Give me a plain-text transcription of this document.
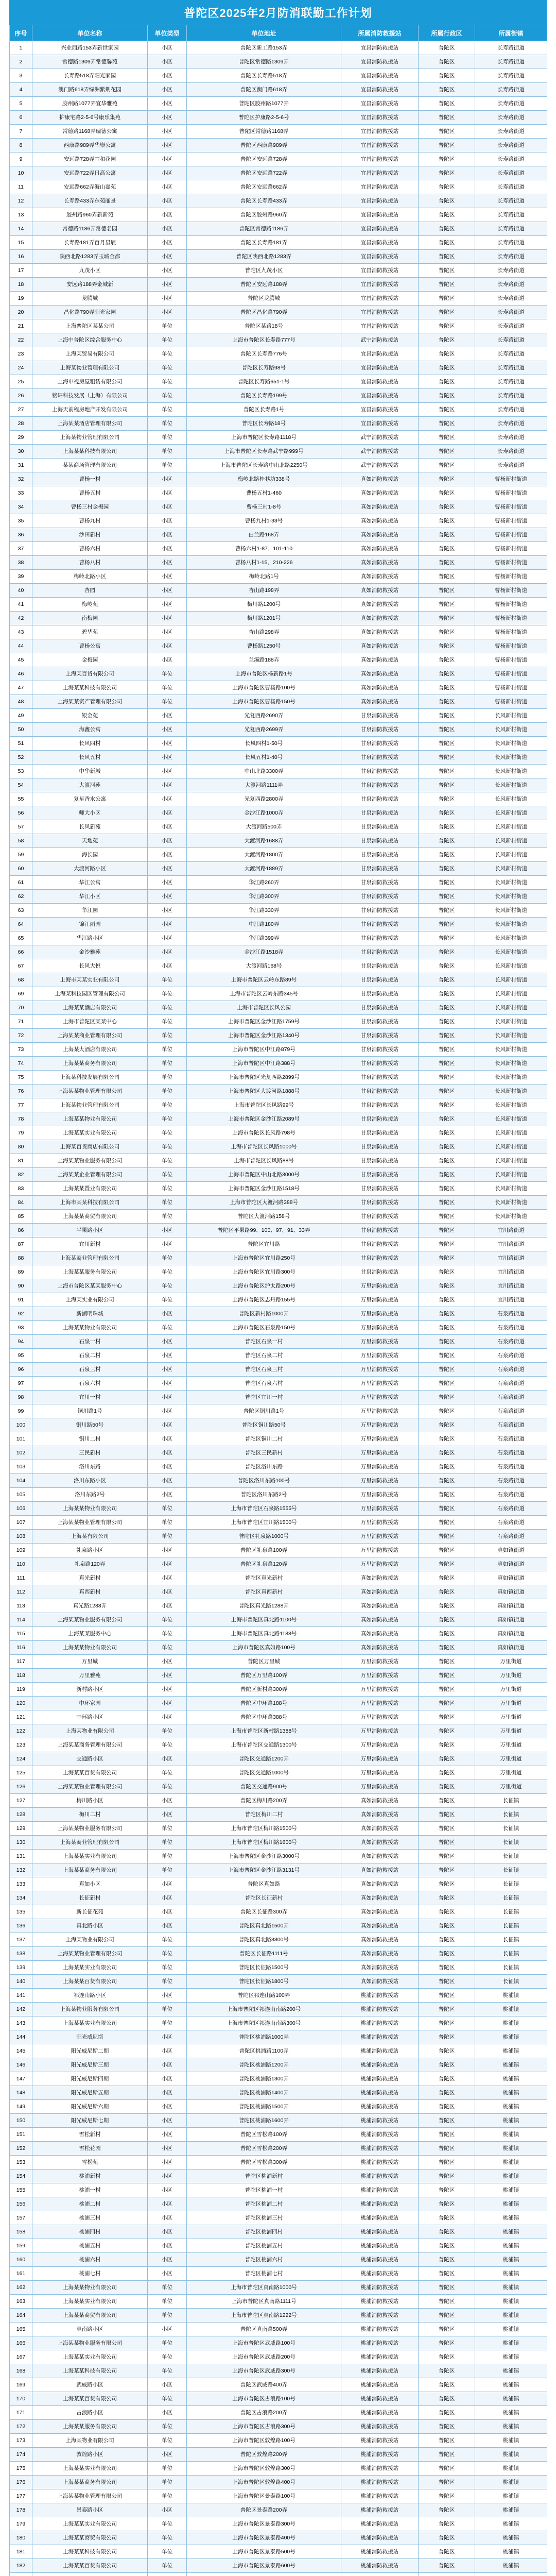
普陀区2025年2月防消联勤工作计划
序号	单位名称	单位类型	单位地址	所属消防救援站	所属行政区	所属街镇
1	兴业西路153弄新世家园	小区	普陀区新工路153弄	宜昌消防救援站	普陀区	长寿路街道
2	常德路1309弄常德馨苑	小区	普陀区常德路1309弄	宜昌消防救援站	普陀区	长寿路街道
3	长寿路518弄阳光家园	小区	普陀区长寿路518弄	宜昌消防救援站	普陀区	长寿路街道
4	澳门路618弄绿洲紫荆花园	小区	普陀区澳门路618弄	宜昌消防救援站	普陀区	长寿路街道
5	胶州路1077弄宜华雅苑	小区	普陀区胶州路1077弄	宜昌消防救援站	普陀区	长寿路街道
6	护康宅路2-5-6号康乐集苑	小区	普陀区护康路2-5-6号	宜昌消防救援站	普陀区	长寿路街道
7	常德路1168弄瑞德公寓	小区	普陀区常德路1168弄	宜昌消防救援站	普陀区	长寿路街道
8	西康路989弄华崇公寓	小区	普陀区西康路989弄	宜昌消防救援站	普陀区	长寿路街道
9	安远路728弄宜和花园	小区	普陀区安远路728弄	宜昌消防救援站	普陀区	长寿路街道
10	安远路722弄日高公寓	小区	普陀区安远路722弄	宜昌消防救援站	普陀区	长寿路街道
11	安远路662弄海山嘉苑	小区	普陀区安远路662弄	宜昌消防救援站	普陀区	长寿路街道
12	长寿路433弄东苑丽景	小区	普陀区长寿路433弄	宜昌消防救援站	普陀区	长寿路街道
13	胶州路960弄新新苑	小区	普陀区胶州路960弄	宜昌消防救援站	普陀区	长寿路街道
14	常德路1186弄常德名园	小区	普陀区常德路1186弄	宜昌消防救援站	普陀区	长寿路街道
15	长寿路181弄百月星辰	小区	普陀区长寿路181弄	宜昌消防救援站	普陀区	长寿路街道
16	陕西北路1283弄玉城金都	小区	普陀区陕西北路1283弄	宜昌消防救援站	普陀区	长寿路街道
17	九茂小区	小区	普陀区九茂小区	宜昌消防救援站	普陀区	长寿路街道
18	安远路188弄金城新	小区	普陀区安远路188弄	宜昌消防救援站	普陀区	长寿路街道
19	龙腾城	小区	普陀区龙腾城	宜昌消防救援站	普陀区	长寿路街道
20	昌化路790弄阳光家园	小区	普陀区昌化路790弄	宜昌消防救援站	普陀区	长寿路街道
21	上海普陀区某某公司	单位	普陀区某路18号	宜昌消防救援站	普陀区	长寿路街道
22	上海中普陀区综合服务中心	单位	上海市普陀区长寿路777号	武宁消防救援站	普陀区	长寿路街道
23	上海某贸易有限公司	单位	普陀区长寿路776号	宜昌消防救援站	普陀区	长寿路街道
24	上海某物业管理有限公司	单位	普陀区长寿路98号	宜昌消防救援站	普陀区	长寿路街道
25	上海申视房屋租赁有限公司	单位	普陀区长寿路651-1号	宜昌消防救援站	普陀区	长寿路街道
26	铭轩科技发展（上海）有限公司	单位	普陀区长寿路199号	宜昌消防救援站	普陀区	长寿路街道
27	上海天前程房地产开发有限公司	单位	普陀区长寿路1号	宜昌消防救援站	普陀区	长寿路街道
28	上海某某酒店管理有限公司	单位	普陀区长寿路18号	宜昌消防救援站	普陀区	长寿路街道
29	上海某物业管理有限公司	单位	上海市普陀区长寿路1118号	武宁消防救援站	普陀区	长寿路街道
30	上海某某科技有限公司	单位	上海市普陀区长寿路武宁路999号	武宁消防救援站	普陀区	长寿路街道
31	某某商场管理有限公司	单位	上海市普陀区长寿路中山北路2250号	武宁消防救援站	普陀区	长寿路街道
32	曹杨一村	小区	梅岭北路桂巷坊338号	真如消防救援站	普陀区	曹杨新村街道
33	曹杨五村	小区	曹杨五村1-460	真如消防救援站	普陀区	曹杨新村街道
34	曹杨三村金梅园	小区	曹杨三村1-8号	真如消防救援站	普陀区	曹杨新村街道
35	曹杨九村	小区	曹杨九村1-33号	真如消防救援站	普陀区	曹杨新村街道
36	沙田新村	小区	白兰路168弄	真如消防救援站	普陀区	曹杨新村街道
37	曹杨六村	小区	曹杨六村1-87、101-110	真如消防救援站	普陀区	曹杨新村街道
38	曹杨八村	小区	曹杨八村1-15、210-226	真如消防救援站	普陀区	曹杨新村街道
39	梅岭北路小区	小区	梅岭北路1号	真如消防救援站	普陀区	曹杨新村街道
40	杏园	小区	杏山路198弄	真如消防救援站	普陀区	曹杨新村街道
41	梅岭苑	小区	梅川路1200号	真如消防救援站	普陀区	曹杨新村街道
42	南梅园	小区	梅川路1201号	真如消防救援站	普陀区	曹杨新村街道
43	碧华苑	小区	杏山路298弄	真如消防救援站	普陀区	曹杨新村街道
44	曹杨公寓	小区	曹杨路1250号	真如消防救援站	普陀区	曹杨新村街道
45	金梅园	小区	兰溪路188弄	真如消防救援站	普陀区	曹杨新村街道
46	上海某百货有限公司	单位	上海市普陀区杨新路1号	真如消防救援站	普陀区	曹杨新村街道
47	上海某某科技有限公司	单位	上海市普陀区曹杨路100号	真如消防救援站	普陀区	曹杨新村街道
48	上海某某资产管理有限公司	单位	上海市普陀区曹杨路150号	真如消防救援站	普陀区	曹杨新村街道
49	银金苑	小区	光复西路2690弄	甘泉消防救援站	普陀区	长风新村街道
50	海鑫公寓	小区	光复西路2699弄	甘泉消防救援站	普陀区	长风新村街道
51	长风四村	小区	长风四村1-50号	甘泉消防救援站	普陀区	长风新村街道
52	长风五村	小区	长风五村1-40号	甘泉消防救援站	普陀区	长风新村街道
53	中华新城	小区	中山北路3300弄	甘泉消防救援站	普陀区	长风新村街道
54	大渡河苑	小区	大渡河路1111弄	甘泉消防救援站	普陀区	长风新村街道
55	复星香水公寓	小区	光复西路2800弄	甘泉消防救援站	普陀区	长风新村街道
56	师大小区	小区	金沙江路1000弄	甘泉消防救援站	普陀区	长风新村街道
57	长风新苑	小区	大渡河路500弄	甘泉消防救援站	普陀区	长风新村街道
58	天地苑	小区	大渡河路1688弄	甘泉消防救援站	普陀区	长风新村街道
59	海长园	小区	大渡河路1800弄	甘泉消防救援站	普陀区	长风新村街道
60	大渡河路小区	小区	大渡河路1889弄	甘泉消防救援站	普陀区	长风新村街道
61	华江公寓	小区	华江路260弄	甘泉消防救援站	普陀区	长风新村街道
62	华江小区	小区	华江路300弄	甘泉消防救援站	普陀区	长风新村街道
63	华江园	小区	华江路330弄	甘泉消防救援站	普陀区	长风新村街道
64	锦江丽园	小区	中江路180弄	甘泉消防救援站	普陀区	长风新村街道
65	华江路小区	小区	华江路399弄	甘泉消防救援站	普陀区	长风新村街道
66	金沙雅苑	小区	金沙江路1518弄	甘泉消防救援站	普陀区	长风新村街道
67	长风大悦	小区	大渡河路168号	甘泉消防救援站	普陀区	长风新村街道
68	上海市某某实业有限公司	单位	上海市普陀区云岭东路89号	甘泉消防救援站	普陀区	长风新村街道
69	上海某科技园区管理有限公司	单位	上海市普陀区云岭东路345号	甘泉消防救援站	普陀区	长风新村街道
70	上海某某酒店有限公司	单位	上海市普陀区长风公园	甘泉消防救援站	普陀区	长风新村街道
71	上海市普陀区某某中心	单位	上海市普陀区金沙江路1759号	甘泉消防救援站	普陀区	长风新村街道
72	上海某某商业管理有限公司	单位	上海市普陀区金沙江路1340号	甘泉消防救援站	普陀区	长风新村街道
73	上海某大酒店有限公司	单位	上海市普陀区中江路879号	甘泉消防救援站	普陀区	长风新村街道
74	上海某某商务有限公司	单位	上海市普陀区中江路388号	甘泉消防救援站	普陀区	长风新村街道
75	上海某科技发展有限公司	单位	上海市普陀区光复西路2899号	甘泉消防救援站	普陀区	长风新村街道
76	上海某某物业管理有限公司	单位	上海市普陀区大渡河路1888号	甘泉消防救援站	普陀区	长风新村街道
77	上海某物业管理有限公司	单位	上海市普陀区长风路99号	甘泉消防救援站	普陀区	长风新村街道
78	上海某某物业有限公司	单位	上海市普陀区金沙江路2089号	甘泉消防救援站	普陀区	长风新村街道
79	上海某某实业有限公司	单位	上海市普陀区长风路798号	甘泉消防救援站	普陀区	长风新村街道
80	上海某百货商店有限公司	单位	上海市普陀区长风路1000号	甘泉消防救援站	普陀区	长风新村街道
81	上海某某物业服务有限公司	单位	上海市普陀区长风路88号	甘泉消防救援站	普陀区	长风新村街道
82	上海某某企业管理有限公司	单位	上海市普陀区中山北路3000号	甘泉消防救援站	普陀区	长风新村街道
83	上海某某置业有限公司	单位	上海市普陀区金沙江路1518号	甘泉消防救援站	普陀区	长风新村街道
84	上海市某某科技有限公司	单位	上海市普陀区大渡河路388号	甘泉消防救援站	普陀区	长风新村街道
85	上海某某商贸有限公司	单位	普陀区大渡河路158号	甘泉消防救援站	普陀区	长风新村街道
86	平果路小区	小区	普陀区平果路99、100、97、91、33弄	甘泉消防救援站	普陀区	宜川路街道
87	宜川新村	小区	普陀区宜川路	甘泉消防救援站	普陀区	宜川路街道
88	上海某商业管理有限公司	单位	上海市普陀区宜川路250号	甘泉消防救援站	普陀区	宜川路街道
89	上海某某服务有限公司	单位	上海市普陀区宜川路300号	甘泉消防救援站	普陀区	宜川路街道
90	上海市普陀区某某服务中心	单位	上海市普陀区沪太路200号	万里消防救援站	普陀区	宜川路街道
91	上海某实业有限公司	单位	上海市普陀区志丹路155号	万里消防救援站	普陀区	宜川路街道
92	新湖明珠城	小区	普陀区新村路1000弄	万里消防救援站	普陀区	石泉路街道
93	上海某某物业有限公司	单位	上海市普陀区石泉路150号	万里消防救援站	普陀区	石泉路街道
94	石泉一村	小区	普陀区石泉一村	万里消防救援站	普陀区	石泉路街道
95	石泉二村	小区	普陀区石泉二村	万里消防救援站	普陀区	石泉路街道
96	石泉三村	小区	普陀区石泉三村	万里消防救援站	普陀区	石泉路街道
97	石泉六村	小区	普陀区石泉六村	万里消防救援站	普陀区	石泉路街道
98	宜川一村	小区	普陀区宜川一村	万里消防救援站	普陀区	石泉路街道
99	铜川路1号	小区	普陀区铜川路1号	万里消防救援站	普陀区	石泉路街道
100	铜川路50号	小区	普陀区铜川路50号	万里消防救援站	普陀区	石泉路街道
101	铜川二村	小区	普陀区铜川二村	万里消防救援站	普陀区	石泉路街道
102	三民新村	小区	普陀区三民新村	万里消防救援站	普陀区	石泉路街道
103	洛川东路	小区	普陀区洛川东路	万里消防救援站	普陀区	石泉路街道
104	洛川东路小区	小区	普陀区洛川东路100号	万里消防救援站	普陀区	石泉路街道
105	洛川东路2号	小区	普陀区洛川东路2号	万里消防救援站	普陀区	石泉路街道
106	上海某某物业有限公司	单位	上海市普陀区石泉路1555号	万里消防救援站	普陀区	石泉路街道
107	上海某某物业管理有限公司	单位	上海市普陀区宜川路1500号	万里消防救援站	普陀区	石泉路街道
108	上海某有限公司	单位	普陀区礼泉路1000号	万里消防救援站	普陀区	石泉路街道
109	礼泉路小区	小区	普陀区礼泉路100弄	万里消防救援站	普陀区	真如镇街道
110	礼泉路120弄	小区	普陀区礼泉路120弄	万里消防救援站	普陀区	真如镇街道
111	真光新村	小区	普陀区真光新村	真如消防救援站	普陀区	真如镇街道
112	真西新村	小区	普陀区真西新村	真如消防救援站	普陀区	真如镇街道
113	真光路1288弄	小区	普陀区真光路1288弄	真如消防救援站	普陀区	真如镇街道
114	上海某某物业服务有限公司	单位	上海市普陀区真北路1100号	真如消防救援站	普陀区	真如镇街道
115	上海某某服务中心	单位	上海市普陀区真北路1188号	真如消防救援站	普陀区	真如镇街道
116	上海某某物业有限公司	单位	上海市普陀区真如路100号	真如消防救援站	普陀区	真如镇街道
117	万里城	小区	普陀区万里城	万里消防救援站	普陀区	万里街道
118	万里雅苑	小区	普陀区万里路100弄	万里消防救援站	普陀区	万里街道
119	新村路小区	小区	普陀区新村路300弄	万里消防救援站	普陀区	万里街道
120	中环家园	小区	普陀区中环路188号	万里消防救援站	普陀区	万里街道
121	中环路小区	小区	普陀区中环路388号	万里消防救援站	普陀区	万里街道
122	上海某物业有限公司	单位	上海市普陀区新村路1388号	万里消防救援站	普陀区	万里街道
123	上海某某商务管理有限公司	单位	上海市普陀区交通路1300号	万里消防救援站	普陀区	万里街道
124	交通路小区	小区	普陀区交通路1200弄	万里消防救援站	普陀区	万里街道
125	上海某某百货有限公司	单位	普陀区交通路1000号	万里消防救援站	普陀区	万里街道
126	上海某某物业管理有限公司	单位	普陀区交通路900号	万里消防救援站	普陀区	万里街道
127	梅川路小区	小区	普陀区梅川路200弄	真如消防救援站	普陀区	长征镇
128	梅川二村	小区	普陀区梅川二村	真如消防救援站	普陀区	长征镇
129	上海某某物业服务有限公司	单位	上海市普陀区梅川路1500号	真如消防救援站	普陀区	长征镇
130	上海某商业管理有限公司	单位	上海市普陀区梅川路1600号	真如消防救援站	普陀区	长征镇
131	上海某某实业有限公司	单位	上海市普陀区金沙江路3000号	真如消防救援站	普陀区	长征镇
132	上海某某商务有限公司	单位	上海市普陀区金沙江路3131号	真如消防救援站	普陀区	长征镇
133	真如小区	小区	普陀区真如路	真如消防救援站	普陀区	长征镇
134	长征新村	小区	普陀区长征新村	真如消防救援站	普陀区	长征镇
135	新长征花苑	小区	普陀区长征路300弄	真如消防救援站	普陀区	长征镇
136	真北路小区	小区	普陀区真北路1500弄	真如消防救援站	普陀区	长征镇
137	上海某物业有限公司	单位	普陀区真北路3300号	真如消防救援站	普陀区	长征镇
138	上海某某物业管理有限公司	单位	普陀区长征路1111号	真如消防救援站	普陀区	长征镇
139	上海某某实业有限公司	单位	普陀区长征路1500号	真如消防救援站	普陀区	长征镇
140	上海某某百货有限公司	单位	普陀区长征路1800号	真如消防救援站	普陀区	长征镇
141	祁连山路小区	小区	普陀区祁连山路100弄	桃浦消防救援站	普陀区	桃浦镇
142	上海某物业服务有限公司	单位	上海市普陀区祁连山南路200号	桃浦消防救援站	普陀区	桃浦镇
143	上海某某实业有限公司	单位	上海市普陀区祁连山南路300号	桃浦消防救援站	普陀区	桃浦镇
144	阳光威尼斯	小区	普陀区桃浦路1000弄	桃浦消防救援站	普陀区	桃浦镇
145	阳光威尼斯二期	小区	普陀区桃浦路1100弄	桃浦消防救援站	普陀区	桃浦镇
146	阳光威尼斯三期	小区	普陀区桃浦路1200弄	桃浦消防救援站	普陀区	桃浦镇
147	阳光威尼斯四期	小区	普陀区桃浦路1300弄	桃浦消防救援站	普陀区	桃浦镇
148	阳光威尼斯五期	小区	普陀区桃浦路1400弄	桃浦消防救援站	普陀区	桃浦镇
149	阳光威尼斯六期	小区	普陀区桃浦路1500弄	桃浦消防救援站	普陀区	桃浦镇
150	阳光威尼斯七期	小区	普陀区桃浦路1600弄	桃浦消防救援站	普陀区	桃浦镇
151	雪松新村	小区	普陀区雪松路100弄	桃浦消防救援站	普陀区	桃浦镇
152	雪松花园	小区	普陀区雪松路200弄	桃浦消防救援站	普陀区	桃浦镇
153	雪松苑	小区	普陀区雪松路300弄	桃浦消防救援站	普陀区	桃浦镇
154	桃浦新村	小区	普陀区桃浦新村	桃浦消防救援站	普陀区	桃浦镇
155	桃浦一村	小区	普陀区桃浦一村	桃浦消防救援站	普陀区	桃浦镇
156	桃浦二村	小区	普陀区桃浦二村	桃浦消防救援站	普陀区	桃浦镇
157	桃浦三村	小区	普陀区桃浦三村	桃浦消防救援站	普陀区	桃浦镇
158	桃浦四村	小区	普陀区桃浦四村	桃浦消防救援站	普陀区	桃浦镇
159	桃浦五村	小区	普陀区桃浦五村	桃浦消防救援站	普陀区	桃浦镇
160	桃浦六村	小区	普陀区桃浦六村	桃浦消防救援站	普陀区	桃浦镇
161	桃浦七村	小区	普陀区桃浦七村	桃浦消防救援站	普陀区	桃浦镇
162	上海某某物业有限公司	单位	上海市普陀区真南路1000号	桃浦消防救援站	普陀区	桃浦镇
163	上海某某实业有限公司	单位	上海市普陀区真南路1111号	桃浦消防救援站	普陀区	桃浦镇
164	上海某某商贸有限公司	单位	上海市普陀区真南路1222号	桃浦消防救援站	普陀区	桃浦镇
165	真南路小区	小区	普陀区真南路500弄	桃浦消防救援站	普陀区	桃浦镇
166	上海某某物业服务有限公司	单位	上海市普陀区武威路100号	桃浦消防救援站	普陀区	桃浦镇
167	上海某某实业有限公司	单位	上海市普陀区武威路200号	桃浦消防救援站	普陀区	桃浦镇
168	上海某某科技有限公司	单位	上海市普陀区武威路300号	桃浦消防救援站	普陀区	桃浦镇
169	武威路小区	小区	普陀区武威路400弄	桃浦消防救援站	普陀区	桃浦镇
170	上海某某百货有限公司	单位	上海市普陀区古浪路100号	桃浦消防救援站	普陀区	桃浦镇
171	古浪路小区	小区	普陀区古浪路200弄	桃浦消防救援站	普陀区	桃浦镇
172	上海某某服务有限公司	单位	上海市普陀区古浪路300号	桃浦消防救援站	普陀区	桃浦镇
173	上海某物业有限公司	单位	上海市普陀区敦煌路100号	桃浦消防救援站	普陀区	桃浦镇
174	敦煌路小区	小区	普陀区敦煌路200弄	桃浦消防救援站	普陀区	桃浦镇
175	上海某某实业有限公司	单位	上海市普陀区敦煌路300号	桃浦消防救援站	普陀区	桃浦镇
176	上海某某商务有限公司	单位	上海市普陀区敦煌路400号	桃浦消防救援站	普陀区	桃浦镇
177	上海某某物业管理有限公司	单位	上海市普陀区景泰路100号	桃浦消防救援站	普陀区	桃浦镇
178	景泰路小区	小区	普陀区景泰路200弄	桃浦消防救援站	普陀区	桃浦镇
179	上海某某实业有限公司	单位	上海市普陀区景泰路300号	桃浦消防救援站	普陀区	桃浦镇
180	上海某某商贸有限公司	单位	上海市普陀区景泰路400号	桃浦消防救援站	普陀区	桃浦镇
181	上海某某科技有限公司	单位	上海市普陀区景泰路500号	桃浦消防救援站	普陀区	桃浦镇
182	上海某某百货有限公司	单位	上海市普陀区景泰路600号	桃浦消防救援站	普陀区	桃浦镇
